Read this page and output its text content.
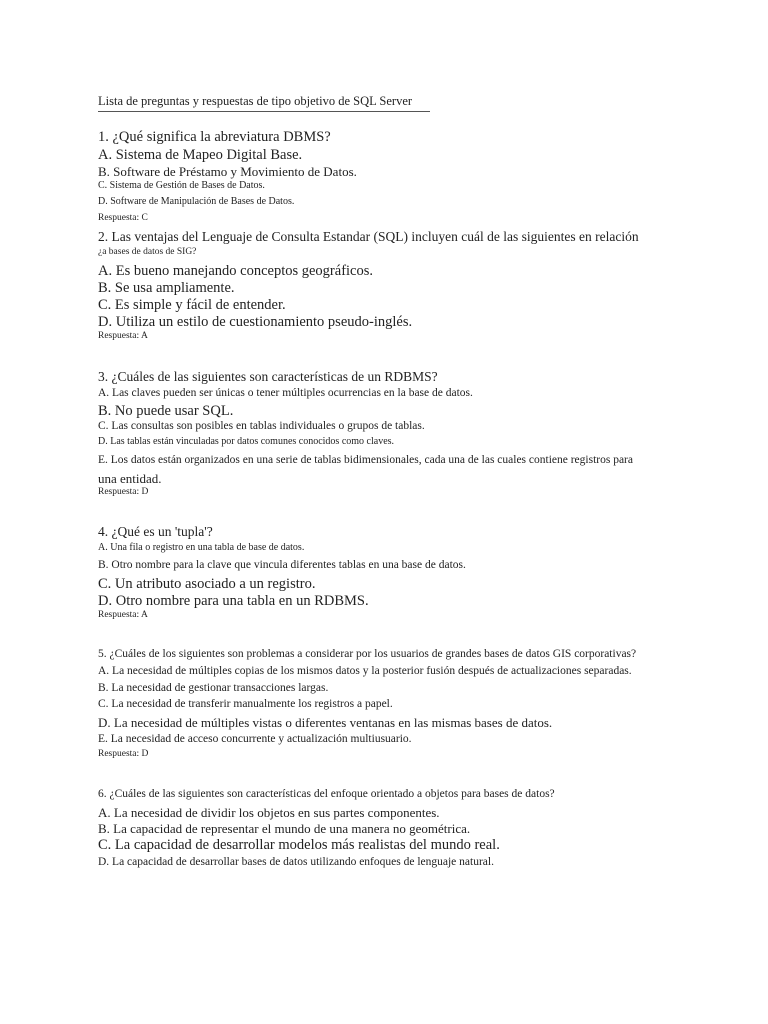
Lista de preguntas y respuestas de tipo objetivo de SQL Server
1. ¿Qué significa la abreviatura DBMS?
A. Sistema de Mapeo Digital Base.
B. Software de Préstamo y Movimiento de Datos.
C. Sistema de Gestión de Bases de Datos.
D. Software de Manipulación de Bases de Datos.
Respuesta: C
2. Las ventajas del Lenguaje de Consulta Estandar (SQL) incluyen cuál de las siguientes en relación
¿a bases de datos de SIG?
A. Es bueno manejando conceptos geográficos.
B. Se usa ampliamente.
C. Es simple y fácil de entender.
D. Utiliza un estilo de cuestionamiento pseudo-inglés.
Respuesta: A
3. ¿Cuáles de las siguientes son características de un RDBMS?
A. Las claves pueden ser únicas o tener múltiples ocurrencias en la base de datos.
B. No puede usar SQL.
C. Las consultas son posibles en tablas individuales o grupos de tablas.
D. Las tablas están vinculadas por datos comunes conocidos como claves.
E. Los datos están organizados en una serie de tablas bidimensionales, cada una de las cuales contiene registros para
una entidad.
Respuesta: D
4. ¿Qué es un 'tupla'?
A. Una fila o registro en una tabla de base de datos.
B. Otro nombre para la clave que vincula diferentes tablas en una base de datos.
C. Un atributo asociado a un registro.
D. Otro nombre para una tabla en un RDBMS.
Respuesta: A
5. ¿Cuáles de los siguientes son problemas a considerar por los usuarios de grandes bases de datos GIS corporativas?
A. La necesidad de múltiples copias de los mismos datos y la posterior fusión después de actualizaciones separadas.
B. La necesidad de gestionar transacciones largas.
C. La necesidad de transferir manualmente los registros a papel.
D. La necesidad de múltiples vistas o diferentes ventanas en las mismas bases de datos.
E. La necesidad de acceso concurrente y actualización multiusuario.
Respuesta: D
6. ¿Cuáles de las siguientes son características del enfoque orientado a objetos para bases de datos?
A. La necesidad de dividir los objetos en sus partes componentes.
B. La capacidad de representar el mundo de una manera no geométrica.
C. La capacidad de desarrollar modelos más realistas del mundo real.
D. La capacidad de desarrollar bases de datos utilizando enfoques de lenguaje natural.
